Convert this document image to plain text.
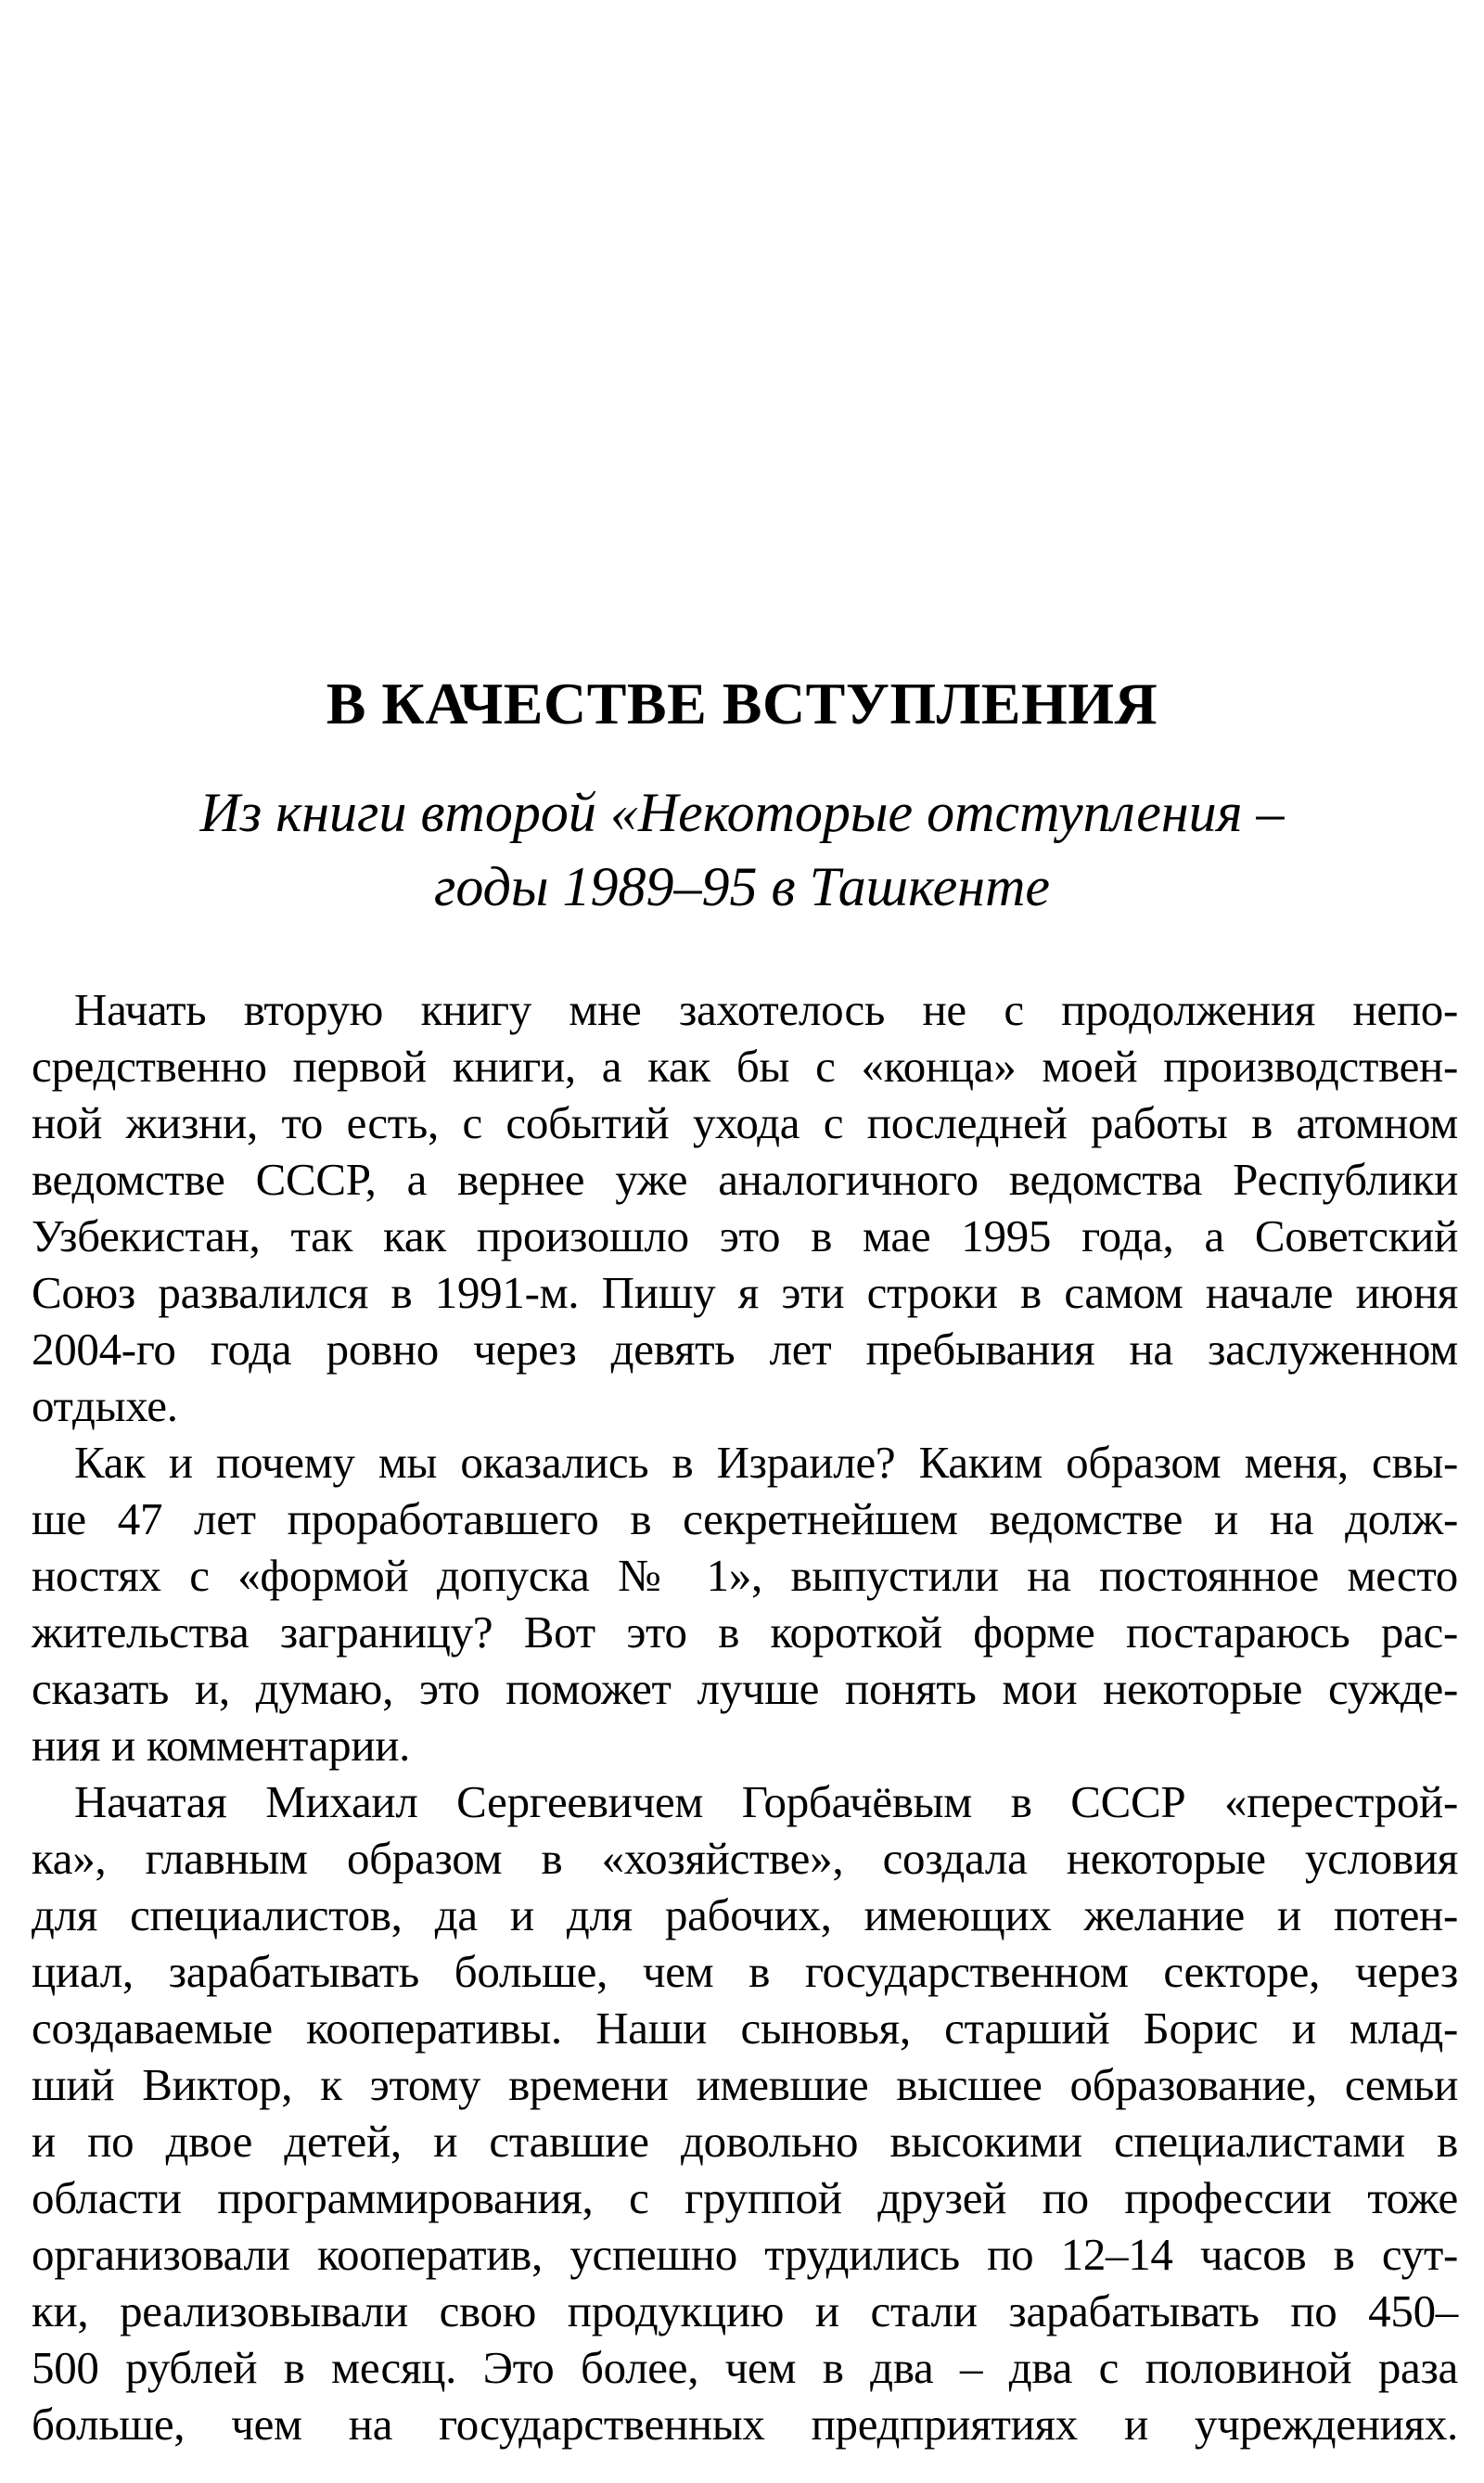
В КАЧЕСТВЕ ВСТУПЛЕНИЯ
Из книги второй «Некоторые отступления –
годы 1989–95 в Ташкенте
Начать вторую книгу мне захотелось не с продолжения непо-
средственно первой книги, а как бы с «конца» моей производствен-
ной жизни, то есть, с событий ухода с последней работы в атомном
ведомстве СССР, а вернее уже аналогичного ведомства Республики
Узбекистан, так как произошло это в мае 1995 года, а Советский
Союз развалился в 1991-м. Пишу я эти строки в самом начале июня
2004-го года ровно через девять лет пребывания на заслуженном
отдыхе.
Как и почему мы оказались в Израиле? Каким образом меня, свы-
ше 47 лет проработавшего в секретнейшем ведомстве и на долж-
ностях с «формой допуска № 1», выпустили на постоянное место
жительства заграницу? Вот это в короткой форме постараюсь рас-
сказать и, думаю, это поможет лучше понять мои некоторые сужде-
ния и комментарии.
Начатая Михаил Сергеевичем Горбачёвым в СССР «перестрой-
ка», главным образом в «хозяйстве», создала некоторые условия
для специалистов, да и для рабочих, имеющих желание и потен-
циал, зарабатывать больше, чем в государственном секторе, через
создаваемые кооперативы. Наши сыновья, старший Борис и млад-
ший Виктор, к этому времени имевшие высшее образование, семьи
и по двое детей, и ставшие довольно высокими специалистами в
области программирования, с группой друзей по профессии тоже
организовали кооператив, успешно трудились по 12–14 часов в сут-
ки, реализовывали свою продукцию и стали зарабатывать по 450–
500 рублей в месяц. Это более, чем в два – два с половиной раза
больше, чем на государственных предприятиях и учреждениях.
